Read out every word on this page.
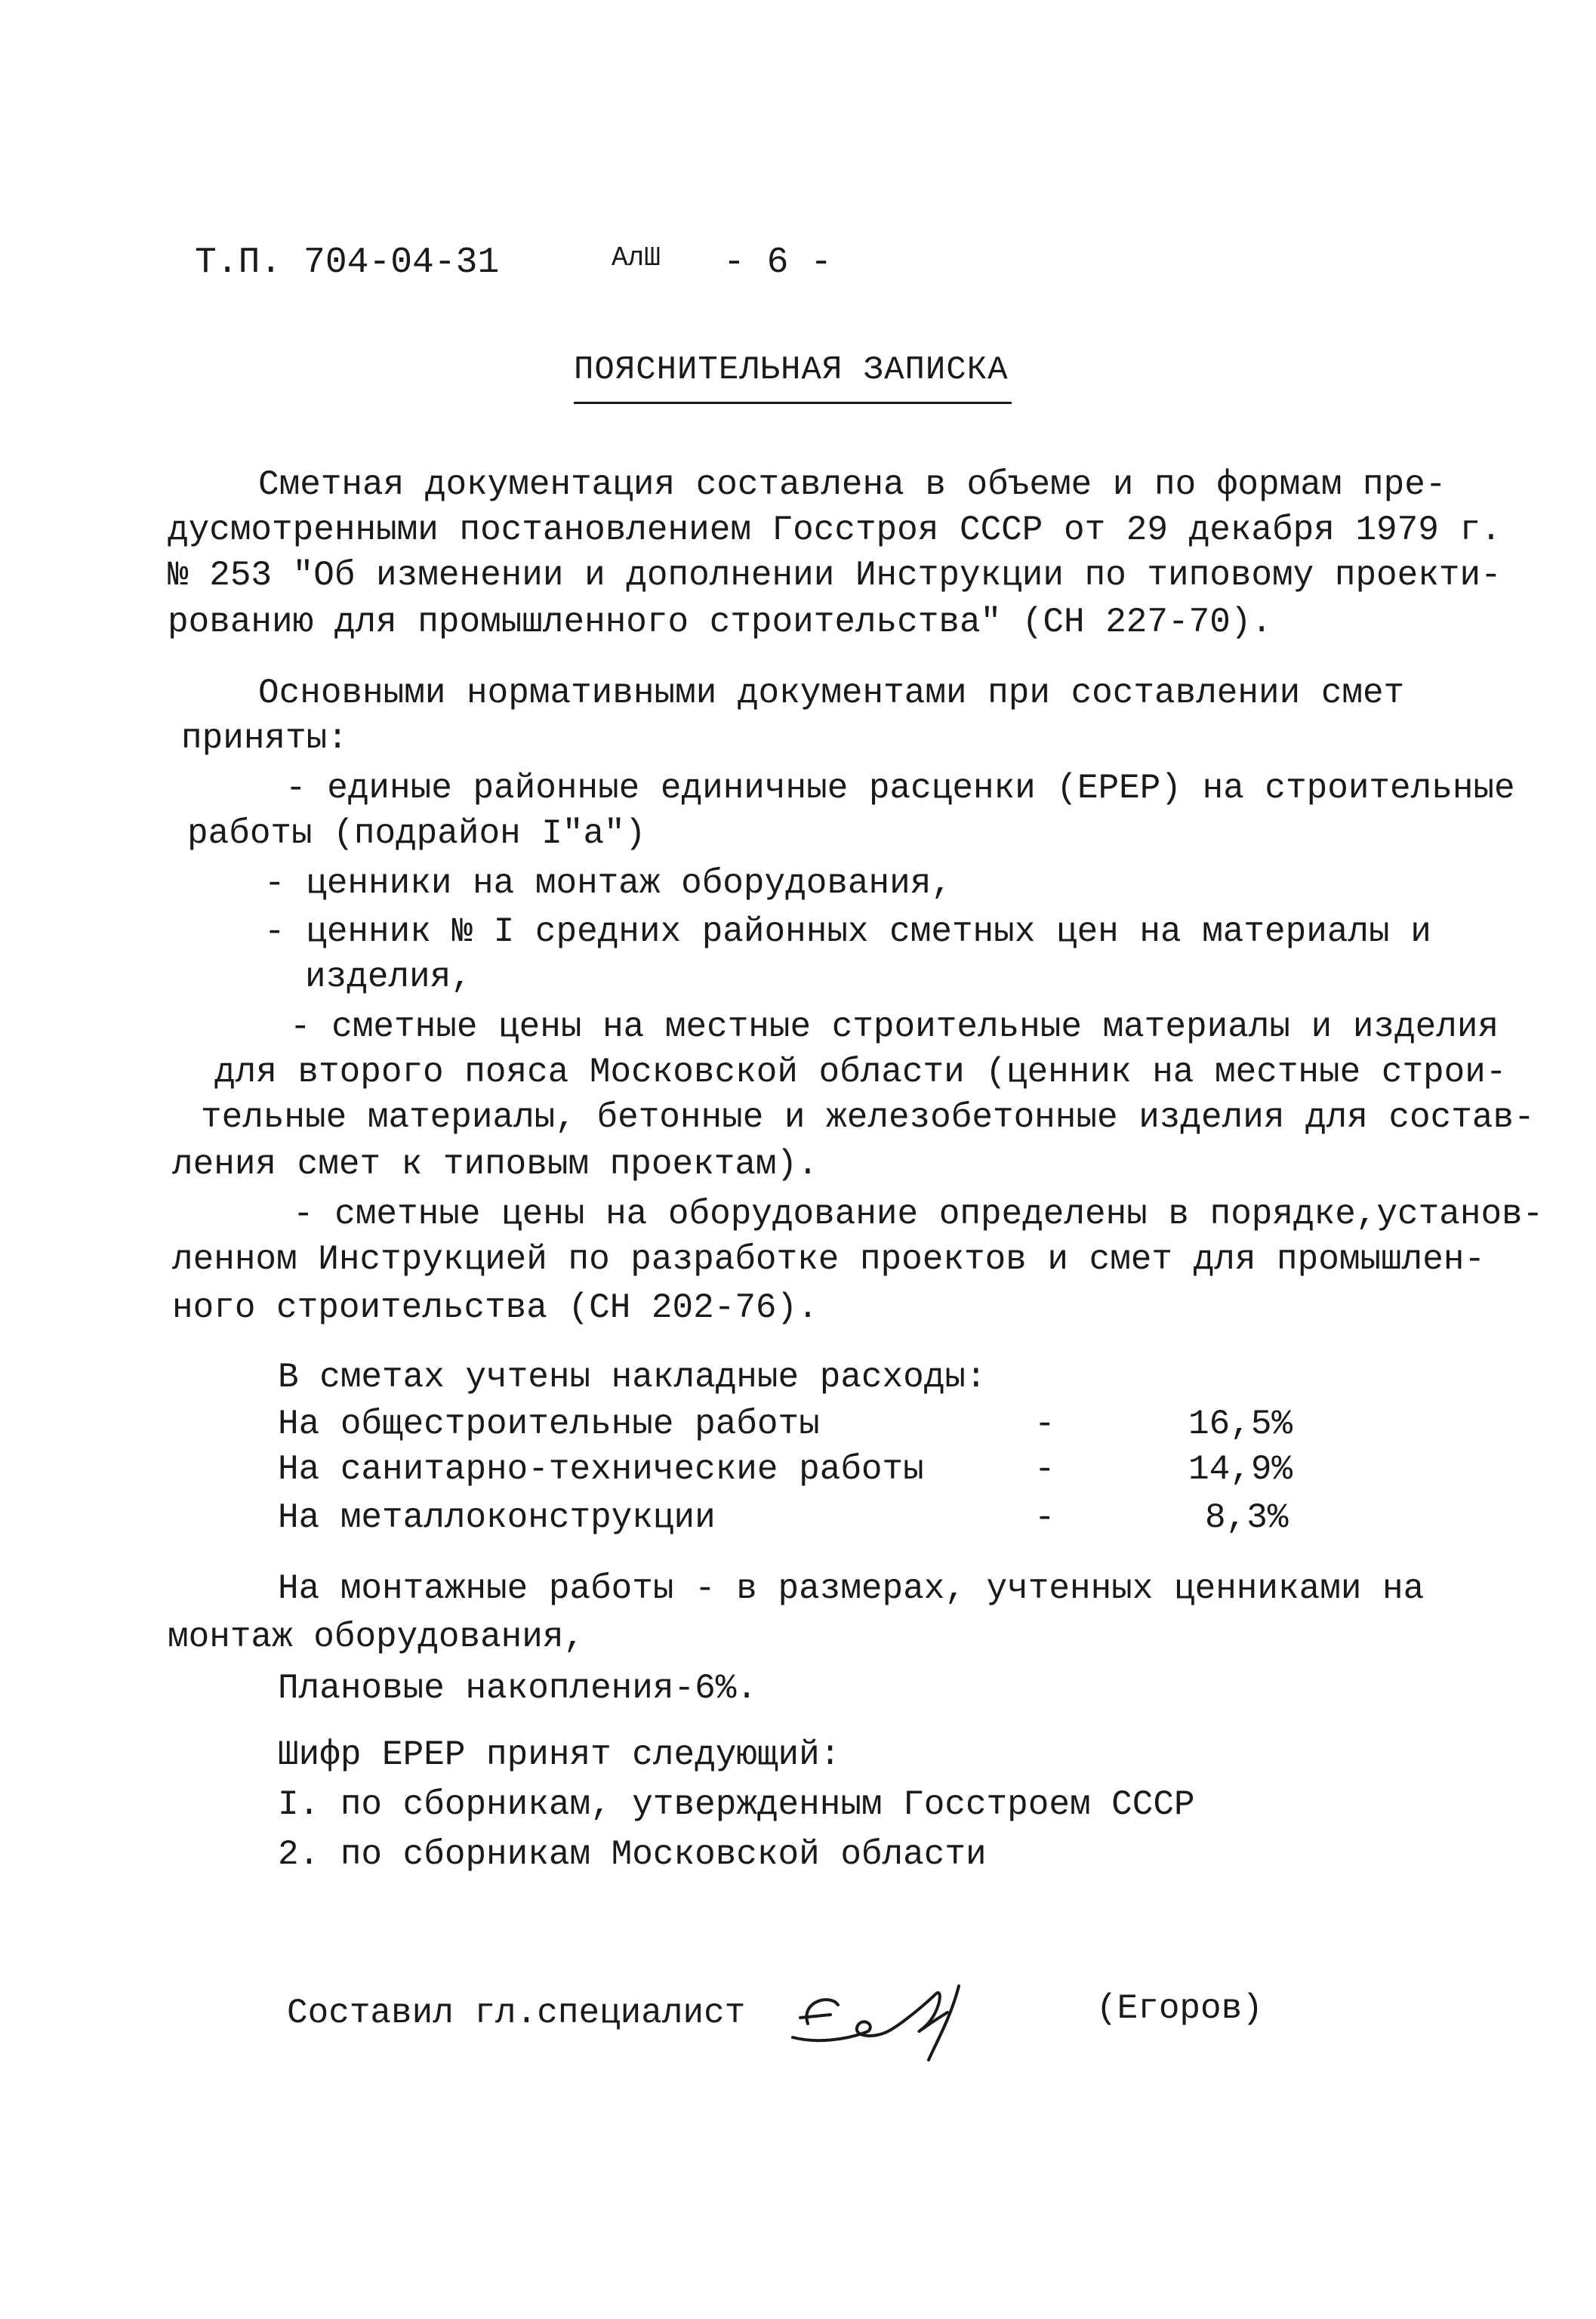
Т.П. 704-04-31	АлШ - 6 -
ПОЯСНИТЕЛЬНАЯ ЗАПИСКА
Сметная документация составлена в объеме и по формам пре-
дусмотренными постановлением Госстроя СССР от 29 декабря 1979 г.
№ 253 "Об изменении и дополнении Инструкции по типовому проекти-
рованию для промышленного строительства" (СН 227-70).
Основными нормативными документами при составлении смет
приняты:
- единые районные единичные расценки (ЕРЕР) на строительные
работы (подрайон I"а")
- ценники на монтаж оборудования,
- ценник № I средних районных сметных цен на материалы и
изделия,
- сметные цены на местные строительные материалы и изделия
для второго пояса Московской области (ценник на местные строи-
тельные материалы, бетонные и железобетонные изделия для состав-
ления смет к типовым проектам).
- сметные цены на оборудование определены в порядке,установ-
ленном Инструкцией по разработке проектов и смет для промышлен-
ного строительства (СН 202-76).
В сметах учтены накладные расходы:
На общестроительные работы	-	16,5%
На санитарно-технические работы	-	14,9%
На металлоконструкции	-	8,3%
На монтажные работы - в размерах, учтенных ценниками на
монтаж оборудования,
Плановые накопления-6%.
Шифр ЕРЕР принят следующий:
I. по сборникам, утвержденным Госстроем СССР
2. по сборникам Московской области
Составил гл.специалист	(Егоров)
